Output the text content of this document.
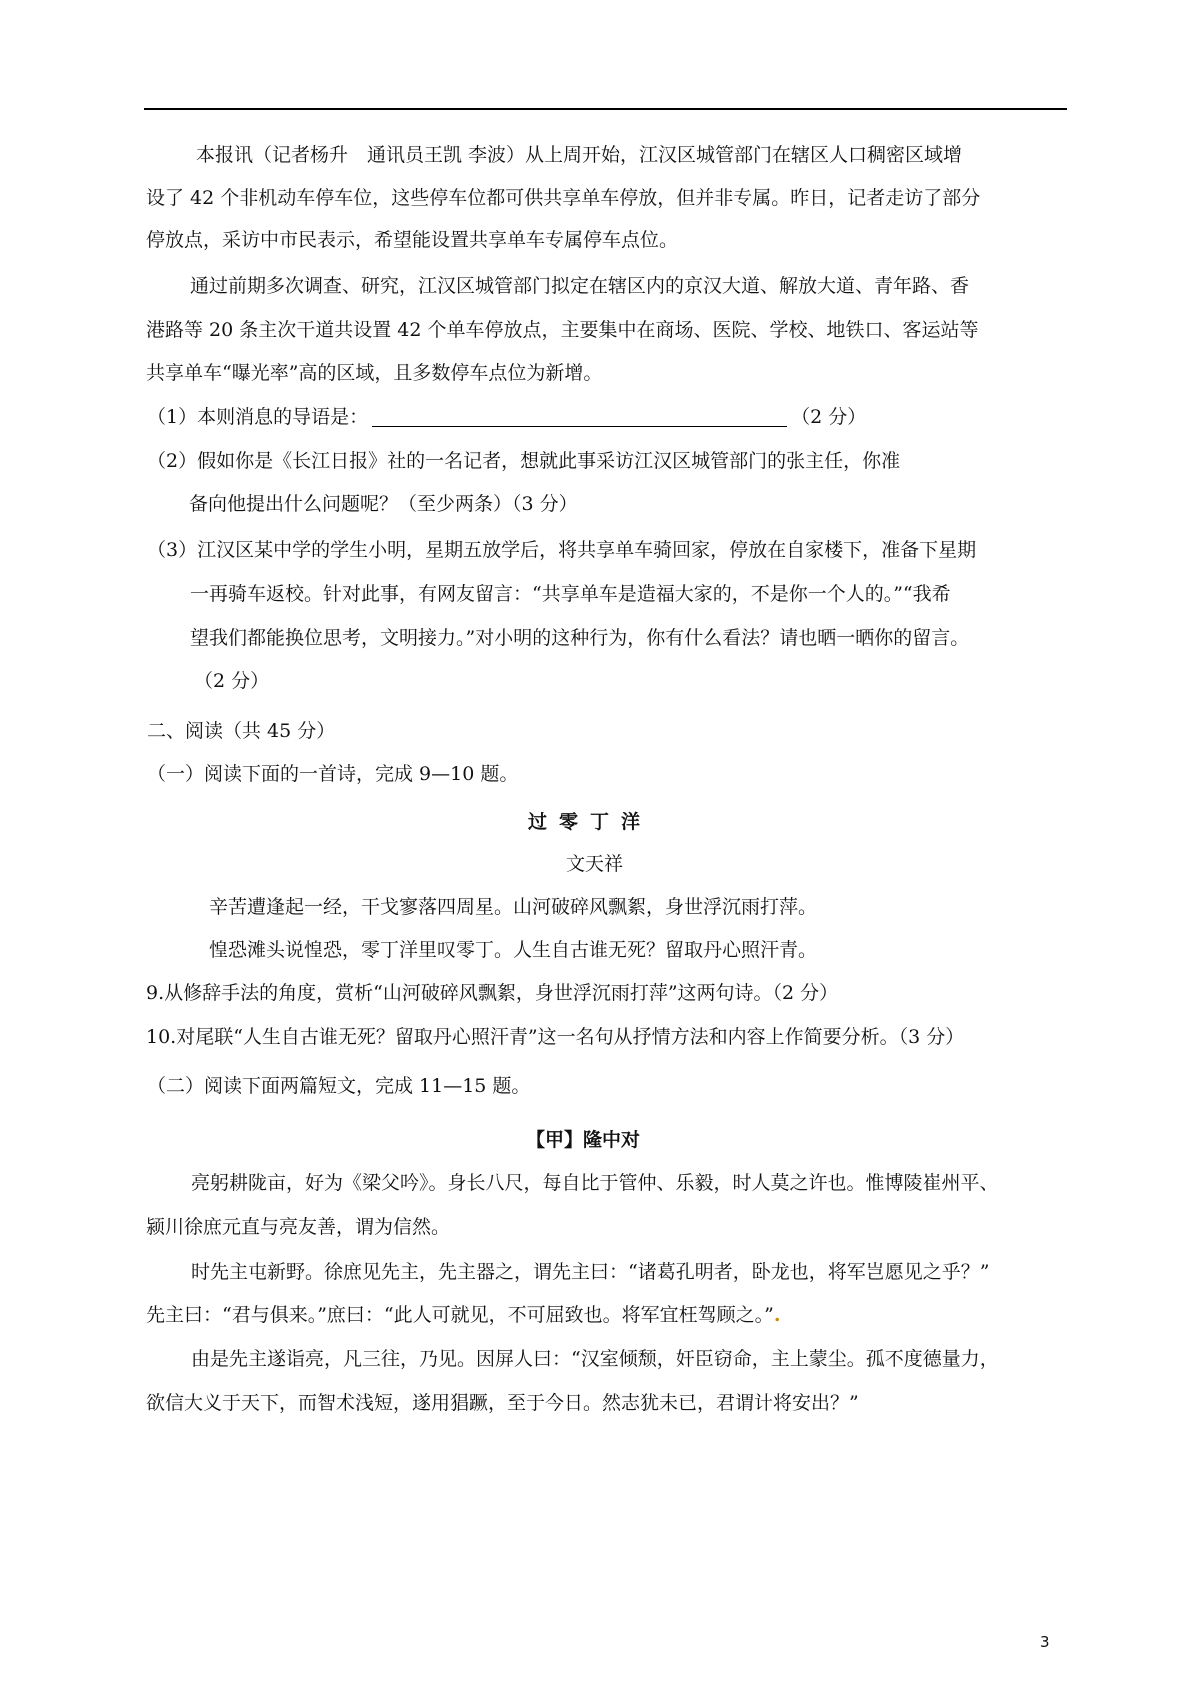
本报讯（记者杨升　通讯员王凯 李波）从上周开始，江汉区城管部门在辖区人口稠密区域增
设了 42 个非机动车停车位，这些停车位都可供共享单车停放，但并非专属。昨日，记者走访了部分
停放点，采访中市民表示，希望能设置共享单车专属停车点位。
通过前期多次调查、研究，江汉区城管部门拟定在辖区内的京汉大道、解放大道、青年路、香
港路等 20 条主次干道共设置 42 个单车停放点，主要集中在商场、医院、学校、地铁口、客运站等
共享单车“曝光率”高的区域，且多数停车点位为新增。
（1）本则消息的导语是：	（2 分）
（2）假如你是《长江日报》社的一名记者，想就此事采访江汉区城管部门的张主任，你准
备向他提出什么问题呢？（至少两条）（3 分）
（3）江汉区某中学的学生小明，星期五放学后，将共享单车骑回家，停放在自家楼下，准备下星期
一再骑车返校。针对此事，有网友留言：“共享单车是造福大家的，不是你一个人的。”“我希
望我们都能换位思考，文明接力。”对小明的这种行为，你有什么看法？请也晒一晒你的留言。
（2 分）
二、阅读（共 45 分）
（一）阅读下面的一首诗，完成 9—10 题。
过零丁洋
文天祥
辛苦遭逢起一经，干戈寥落四周星。山河破碎风飘絮，身世浮沉雨打萍。
惶恐滩头说惶恐，零丁洋里叹零丁。人生自古谁无死？留取丹心照汗青。
9.从修辞手法的角度，赏析“山河破碎风飘絮，身世浮沉雨打萍”这两句诗。（2 分）
10.对尾联“人生自古谁无死？留取丹心照汗青”这一名句从抒情方法和内容上作简要分析。（3 分）
（二）阅读下面两篇短文，完成 11—15 题。
【甲】隆中对
亮躬耕陇亩，好为《梁父吟》。身长八尺，每自比于管仲、乐毅，时人莫之许也。惟博陵崔州平、
颍川徐庶元直与亮友善，谓为信然。
时先主屯新野。徐庶见先主，先主器之，谓先主曰：“诸葛孔明者，卧龙也，将军岂愿见之乎？”
先主曰：“君与俱来。”庶曰：“此人可就见，不可屈致也。将军宜枉驾顾之。”.
由是先主遂诣亮，凡三往，乃见。因屏人曰：“汉室倾颓，奸臣窃命，主上蒙尘。孤不度德量力，
欲信大义于天下，而智术浅短，遂用猖蹶，至于今日。然志犹未已，君谓计将安出？”
3
